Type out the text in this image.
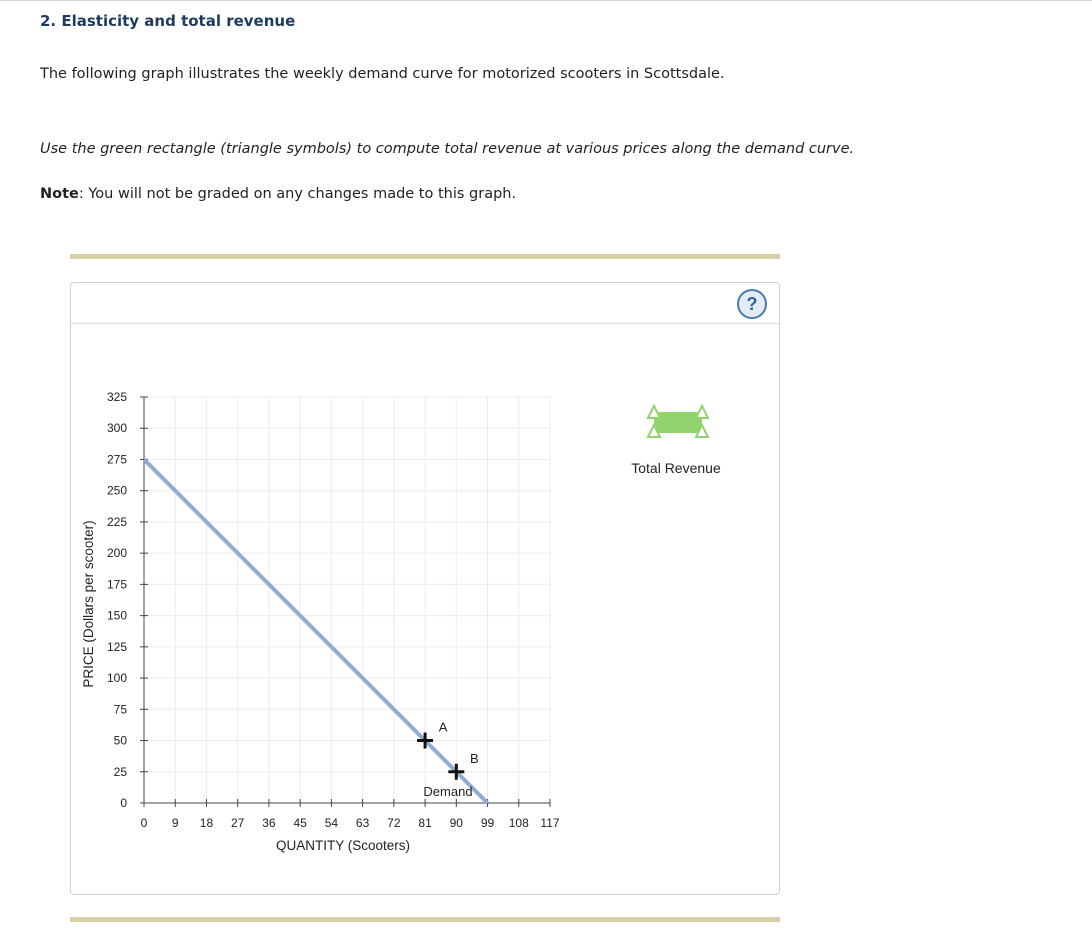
2. Elasticity and total revenue

The following graph illustrates the weekly demand curve for motorized scooters in Scottsdale.

Use the green rectangle (triangle symbols) to compute total revenue at various prices along the demand curve.

Note: You will not be graded on any changes made to this graph.

?
0
25
50
75
100
125
150
175
200
225
250
275
300
325
0 9 18 27 36 45 54 63 72 81 90 99 108 117
A
B
QUANTITY (Scooters)
PRICE (Dollars per scooter)
Demand
Total Revenue
